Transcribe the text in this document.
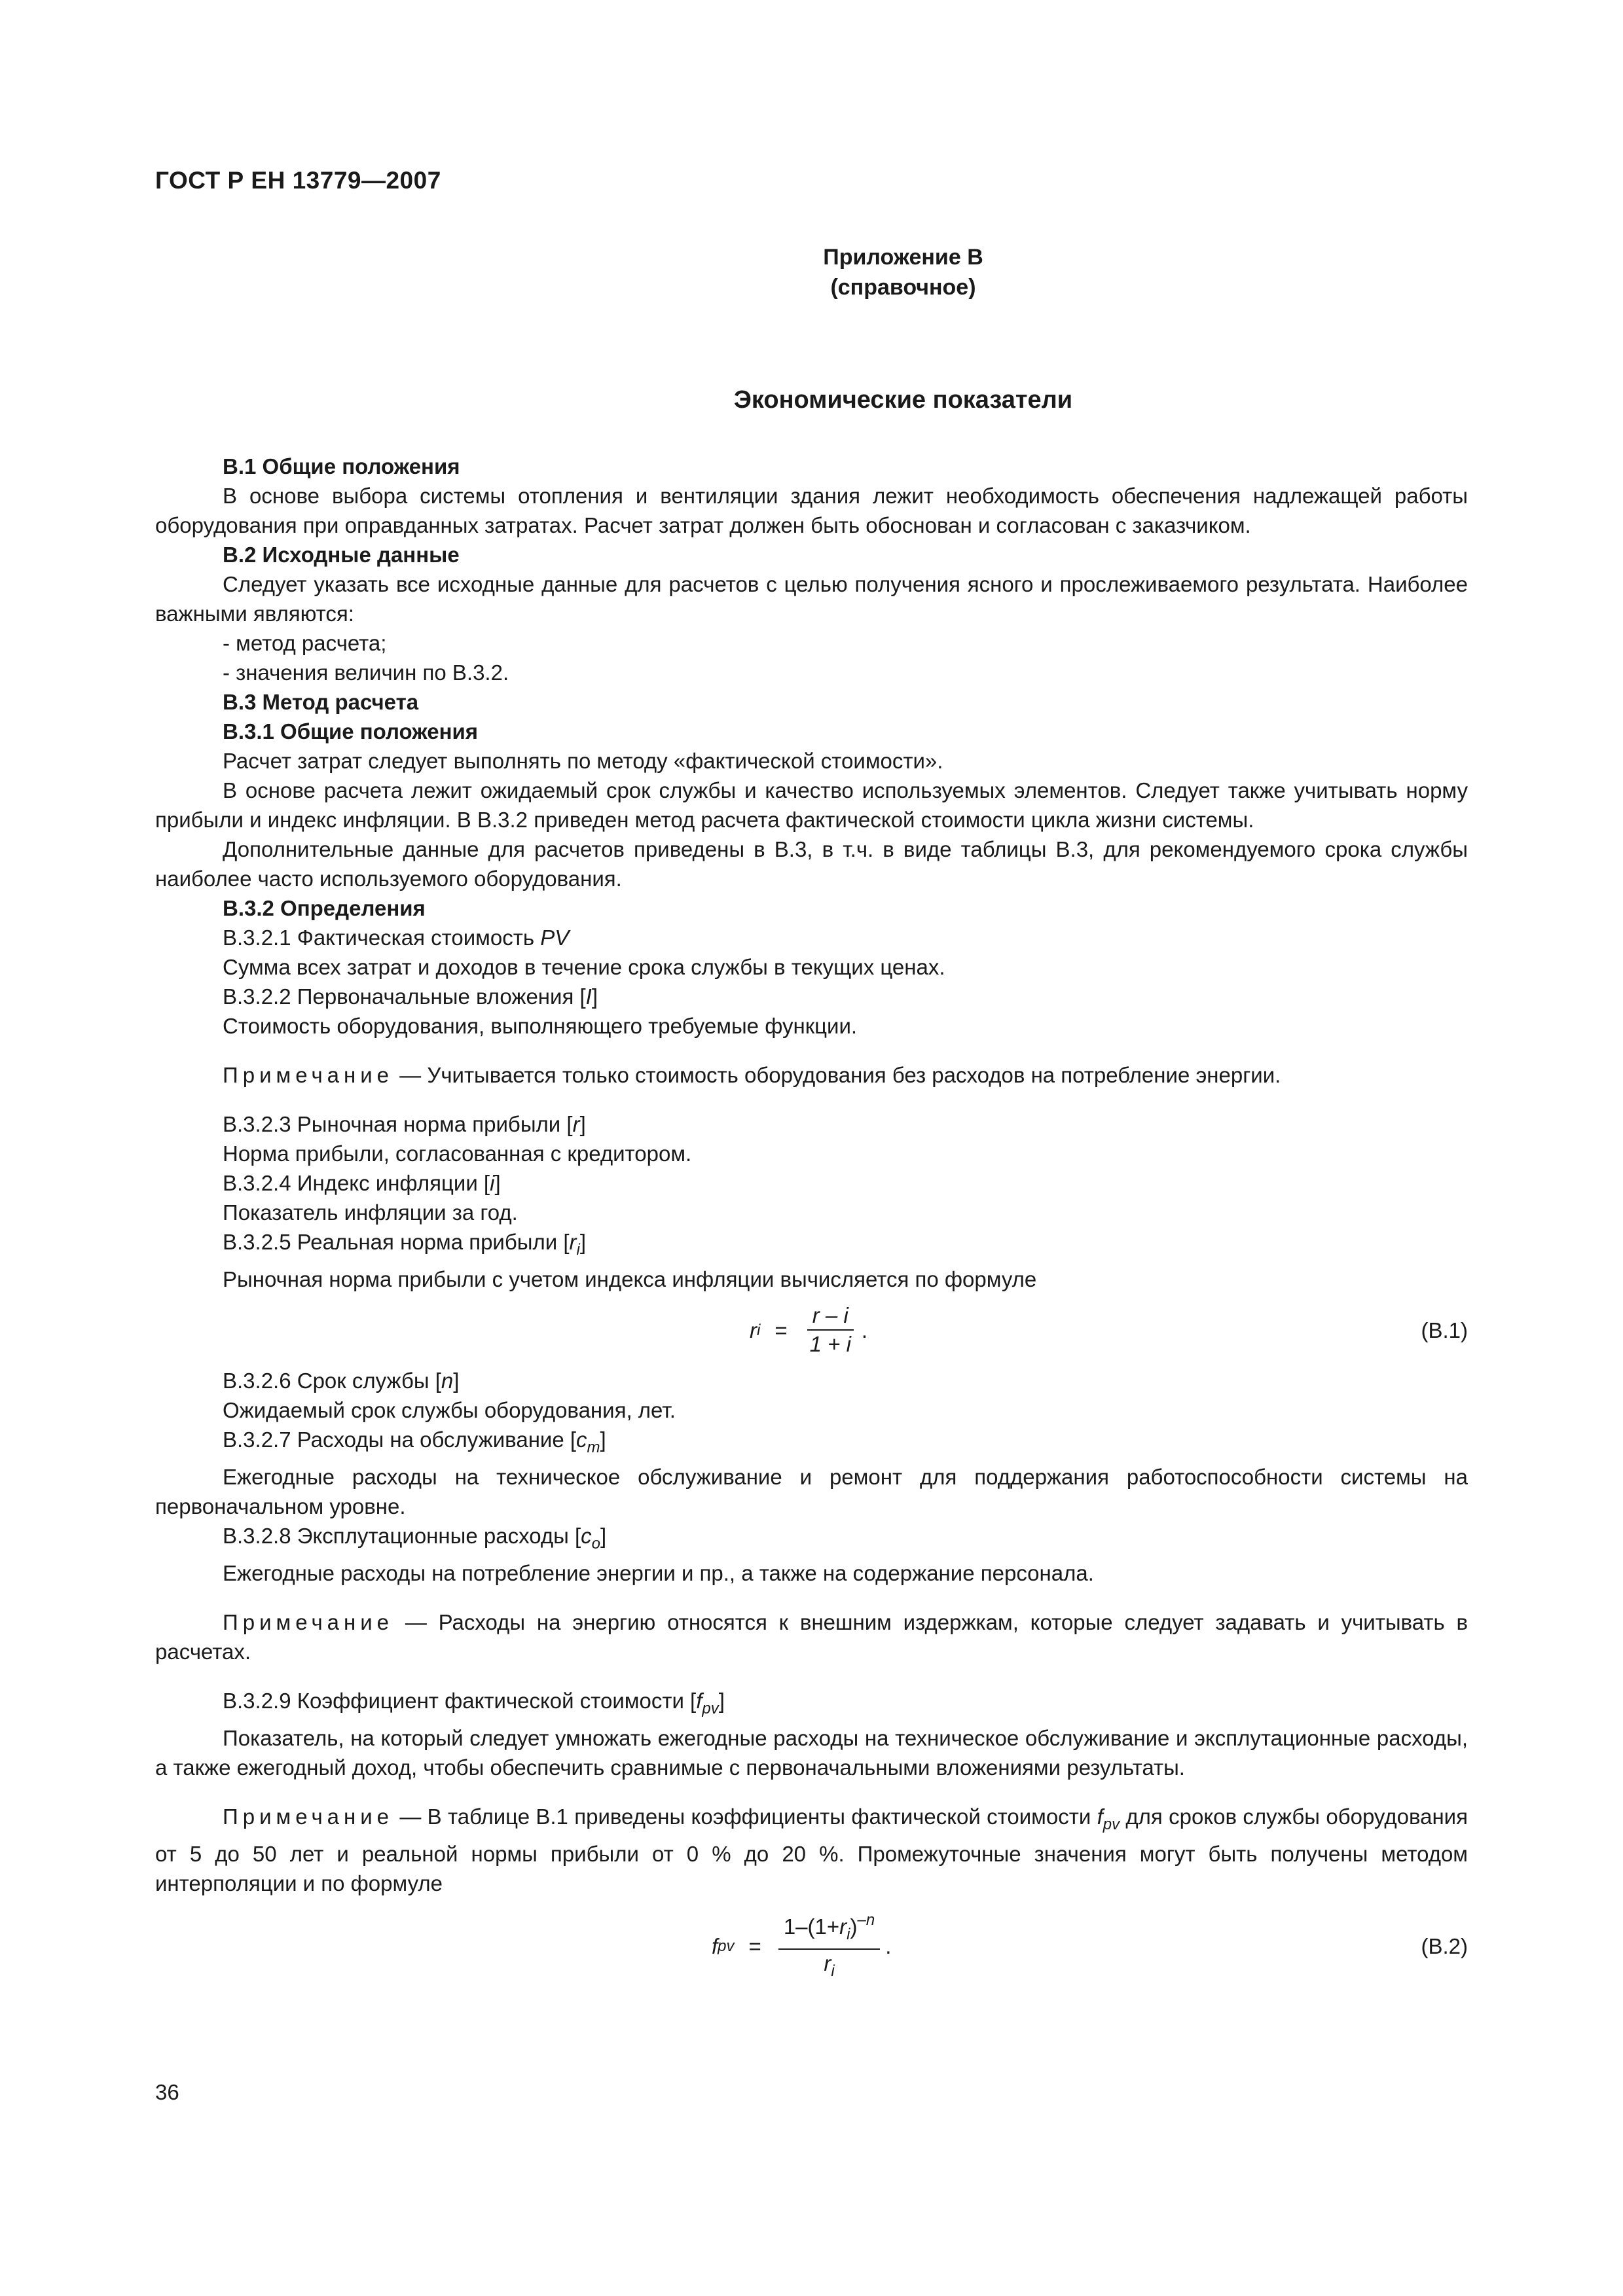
ГОСТ Р ЕН 13779—2007
Приложение В
(справочное)
Экономические показатели

В.1 Общие положения

В основе выбора системы отопления и вентиляции здания лежит необходимость обеспечения надлежащей работы оборудования при оправданных затратах. Расчет затрат должен быть обоснован и согласован с заказчиком.

В.2 Исходные данные

Следует указать все исходные данные для расчетов с целью получения ясного и прослеживаемого результата. Наиболее важными являются:

- метод расчета;

- значения величин по В.3.2.

В.3 Метод расчета

В.3.1 Общие положения

Расчет затрат следует выполнять по методу «фактической стоимости».

В основе расчета лежит ожидаемый срок службы и качество используемых элементов. Следует также учитывать норму прибыли и индекс инфляции. В В.3.2 приведен метод расчета фактической стоимости цикла жизни системы.

Дополнительные данные для расчетов приведены в В.3, в т.ч. в виде таблицы В.3, для рекомендуемого срока службы наиболее часто используемого оборудования.

В.3.2 Определения

В.3.2.1 Фактическая стоимость PV

Сумма всех затрат и доходов в течение срока службы в текущих ценах.

В.3.2.2 Первоначальные вложения [I]

Стоимость оборудования, выполняющего требуемые функции.

Примечание — Учитывается только стоимость оборудования без расходов на потребление энергии.

В.3.2.3 Рыночная норма прибыли [r]

Норма прибыли, согласованная с кредитором.

В.3.2.4 Индекс инфляции [i]

Показатель инфляции за год.

В.3.2.5 Реальная норма прибыли $[r_i]$

Рыночная норма прибыли с учетом индекса инфляции вычисляется по формуле

r $i = \frac{r - i}{1 + i}$ .	(В.1)

В.3.2.6 Срок службы [n]

Ожидаемый срок службы оборудования, лет.

В.3.2.7 Расходы на обслуживание $[c_m]$

Ежегодные расходы на техническое обслуживание и ремонт для поддержания работоспособности системы на первоначальном уровне.

В.3.2.8 Эксплутационные расходы $[c_o]$

Ежегодные расходы на потребление энергии и пр., а также на содержание персонала.

Примечание — Расходы на энергию относятся к внешним издержкам, которые следует задавать и учитывать в расчетах.

В.3.2.9 Коэффициент фактической стоимости $[f_{pv}]$

Показатель, на который следует умножать ежегодные расходы на техническое обслуживание и эксплутационные расходы, а также ежегодный доход, чтобы обеспечить сравнимые с первоначальными вложениями результаты.

Примечание — В таблице В.1 приведены коэффициенты фактической стоимости $f_{pv}$ для сроков службы оборудования от 5 до 50 лет и реальной нормы прибыли от 0 % до 20 %. Промежуточные значения могут быть получены методом интерполяции и по формуле

f pv = $\frac{1-(1+r_i)^{-n}}{r_i}$ .	(В.2)
36
